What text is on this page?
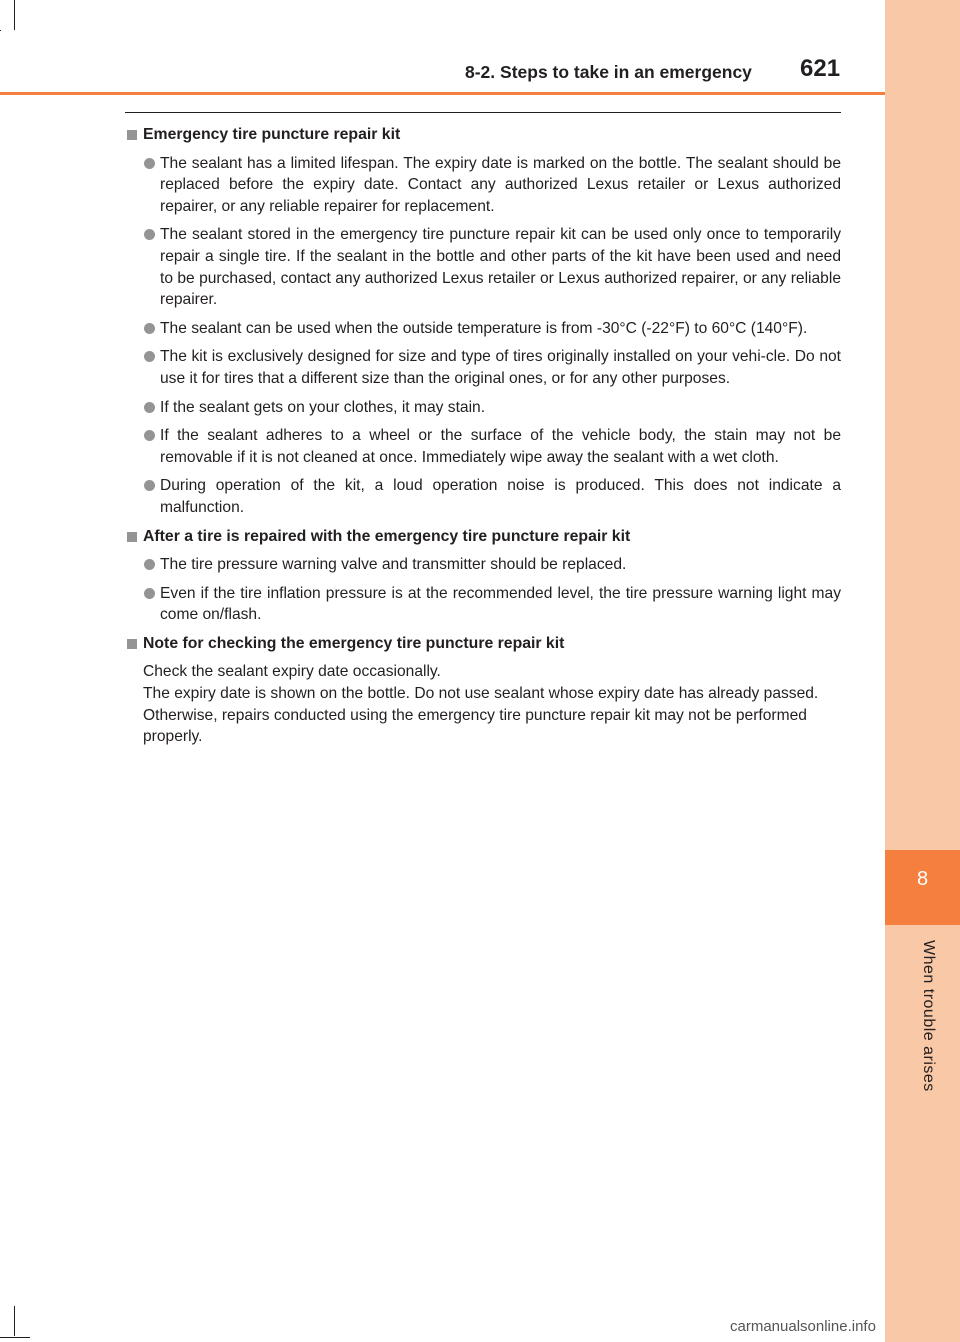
8
When trouble arises
8-2. Steps to take in an emergency 621
Emergency tire puncture repair kit
The sealant has a limited lifespan. The expiry date is marked on the bottle. The sealant should be replaced before the expiry date. Contact any authorized Lexus retailer or Lexus authorized repairer, or any reliable repairer for replacement.
The sealant stored in the emergency tire puncture repair kit can be used only once to temporarily repair a single tire. If the sealant in the bottle and other parts of the kit have been used and need to be purchased, contact any authorized Lexus retailer or Lexus authorized repairer, or any reliable repairer.
The sealant can be used when the outside temperature is from -30°C (-22°F) to 60°C (140°F).
The kit is exclusively designed for size and type of tires originally installed on your vehi-cle. Do not use it for tires that a different size than the original ones, or for any other purposes.
If the sealant gets on your clothes, it may stain.
If the sealant adheres to a wheel or the surface of the vehicle body, the stain may not be removable if it is not cleaned at once. Immediately wipe away the sealant with a wet cloth.
During operation of the kit, a loud operation noise is produced. This does not indicate a malfunction.
After a tire is repaired with the emergency tire puncture repair kit
The tire pressure warning valve and transmitter should be replaced.
Even if the tire inflation pressure is at the recommended level, the tire pressure warning light may come on/flash.
Note for checking the emergency tire puncture repair kit

Check the sealant expiry date occasionally.

The expiry date is shown on the bottle. Do not use sealant whose expiry date has already passed. Otherwise, repairs conducted using the emergency tire puncture repair kit may not be performed properly.

carmanualsonline.info
